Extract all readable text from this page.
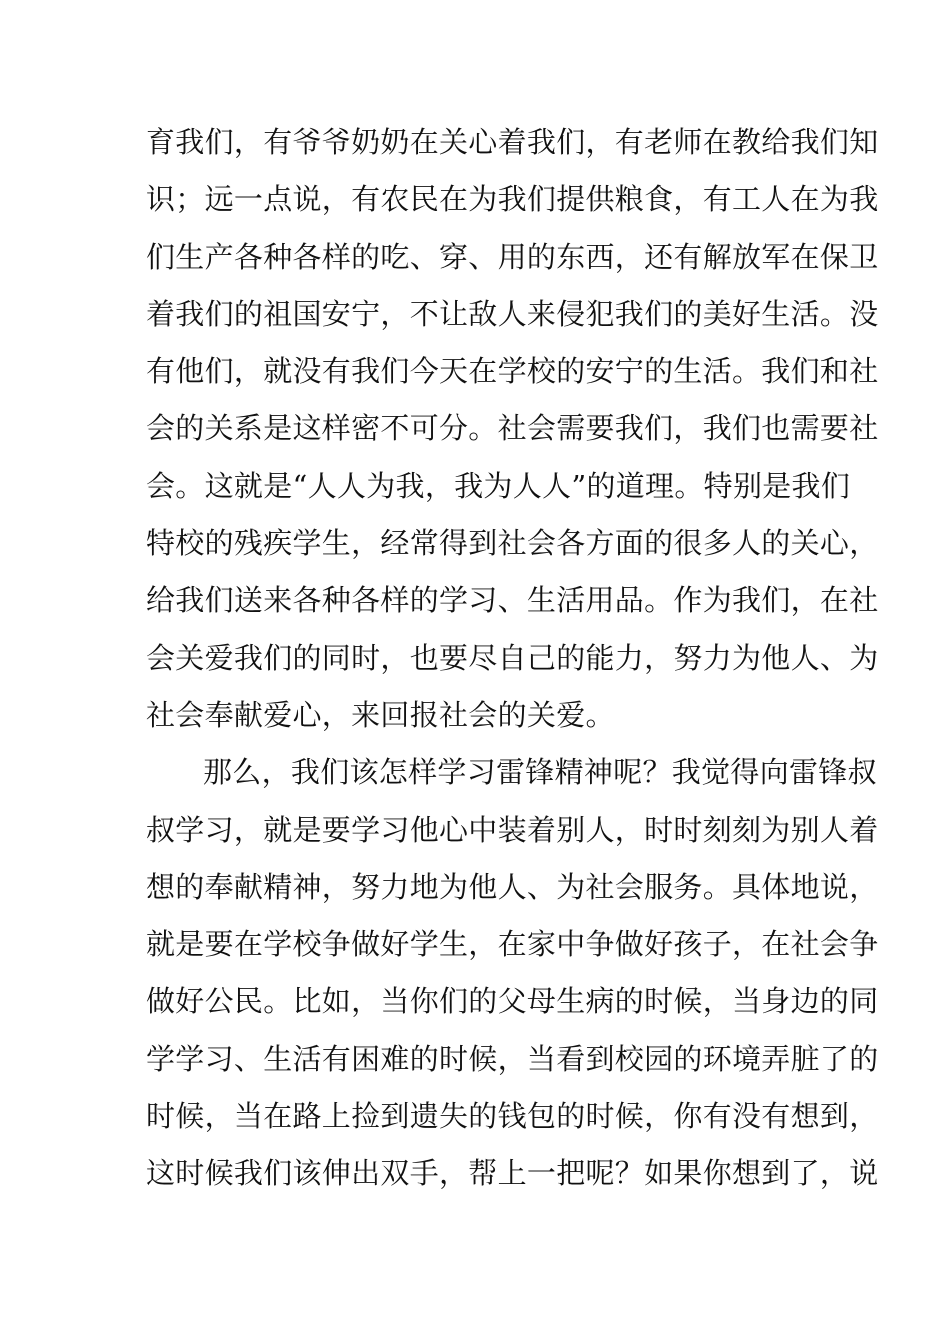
育我们，有爷爷奶奶在关心着我们，有老师在教给我们知
识；远一点说，有农民在为我们提供粮食，有工人在为我
们生产各种各样的吃、穿、用的东西，还有解放军在保卫
着我们的祖国安宁，不让敌人来侵犯我们的美好生活。没
有他们，就没有我们今天在学校的安宁的生活。我们和社
会的关系是这样密不可分。社会需要我们，我们也需要社
会。这就是“人人为我，我为人人”的道理。特别是我们
特校的残疾学生，经常得到社会各方面的很多人的关心，
给我们送来各种各样的学习、生活用品。作为我们，在社
会关爱我们的同时，也要尽自己的能力，努力为他人、为
社会奉献爱心，来回报社会的关爱。
那么，我们该怎样学习雷锋精神呢？我觉得向雷锋叔
叔学习，就是要学习他心中装着别人，时时刻刻为别人着
想的奉献精神，努力地为他人、为社会服务。具体地说，
就是要在学校争做好学生，在家中争做好孩子，在社会争
做好公民。比如，当你们的父母生病的时候，当身边的同
学学习、生活有困难的时候，当看到校园的环境弄脏了的
时候，当在路上捡到遗失的钱包的时候，你有没有想到，
这时候我们该伸出双手，帮上一把呢？如果你想到了，说
